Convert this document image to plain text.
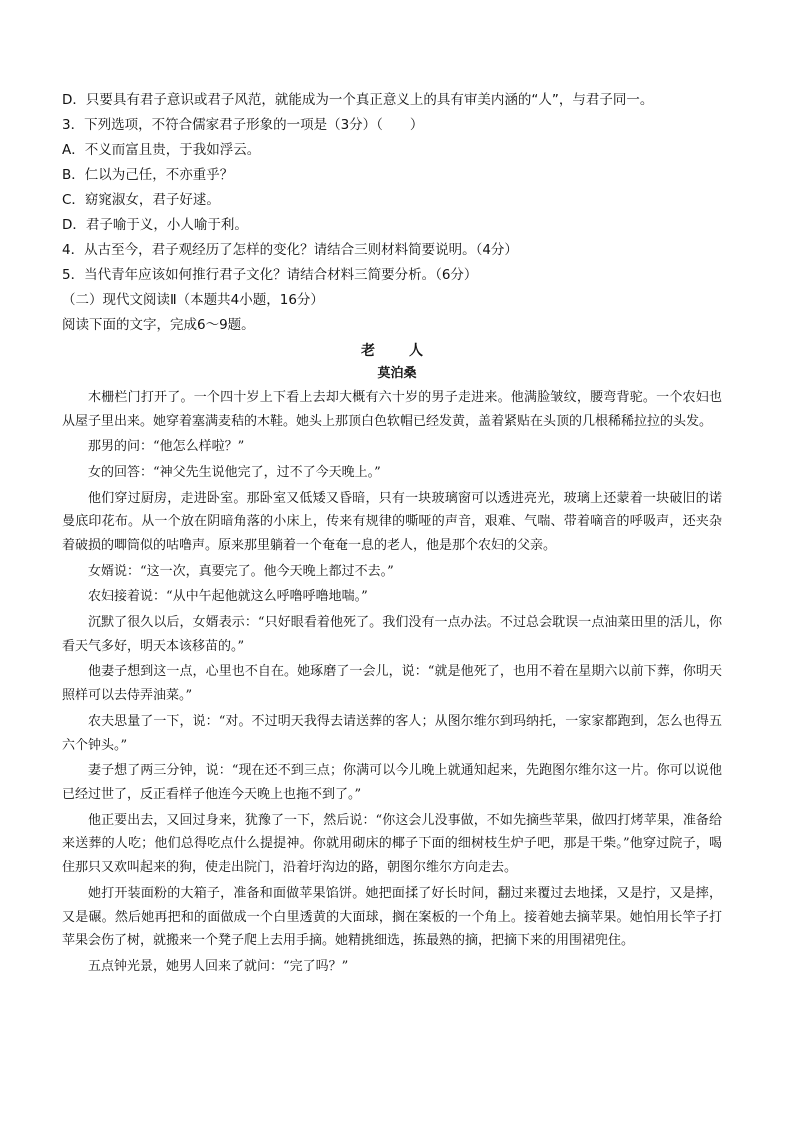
D．只要具有君子意识或君子风范，就能成为一个真正意义上的具有审美内涵的“人”，与君子同一。
3．下列选项，不符合儒家君子形象的一项是（3分）（　　）
A．不义而富且贵，于我如浮云。
B．仁以为己任，不亦重乎？
C．窈窕淑女，君子好逑。
D．君子喻于义，小人喻于利。
4．从古至今，君子观经历了怎样的变化？请结合三则材料简要说明。（4分）
5．当代青年应该如何推行君子文化？请结合材料三简要分析。（6分）
（二）现代文阅读Ⅱ（本题共4小题，16分）
阅读下面的文字，完成6～9题。
老　人
莫泊桑

木栅栏门打开了。一个四十岁上下看上去却大概有六十岁的男子走进来。他满脸皱纹，腰弯背驼。一个农妇也从屋子里出来。她穿着塞满麦秸的木鞋。她头上那顶白色软帽已经发黄，盖着紧贴在头顶的几根稀稀拉拉的头发。

那男的问：“他怎么样啦？”

女的回答：“神父先生说他完了，过不了今天晚上。”

他们穿过厨房，走进卧室。那卧室又低矮又昏暗，只有一块玻璃窗可以透进亮光，玻璃上还蒙着一块破旧的诺曼底印花布。从一个放在阴暗角落的小床上，传来有规律的嘶哑的声音，艰难、气喘、带着嘀音的呼吸声，还夹杂着破损的唧筒似的咕噜声。原来那里躺着一个奄奄一息的老人，他是那个农妇的父亲。

女婿说：“这一次，真要完了。他今天晚上都过不去。”

农妇接着说：“从中午起他就这么呼噜呼噜地喘。”

沉默了很久以后，女婿表示：“只好眼看着他死了。我们没有一点办法。不过总会耽误一点油菜田里的活儿，你看天气多好，明天本该移苗的。”

他妻子想到这一点，心里也不自在。她琢磨了一会儿，说：“就是他死了，也用不着在星期六以前下葬，你明天照样可以去侍弄油菜。”

农夫思量了一下，说：“对。不过明天我得去请送葬的客人；从图尔维尔到玛纳托，一家家都跑到，怎么也得五六个钟头。”

妻子想了两三分钟，说：“现在还不到三点；你满可以今儿晚上就通知起来，先跑图尔维尔这一片。你可以说他已经过世了，反正看样子他连今天晚上也拖不到了。”

他正要出去，又回过身来，犹豫了一下，然后说：“你这会儿没事做，不如先摘些苹果，做四打烤苹果，准备给来送葬的人吃；他们总得吃点什么提提神。你就用砌床的椰子下面的细树枝生炉子吧，那是干柴。”他穿过院子，喝住那只又欢叫起来的狗，使走出院门，沿着圩沟边的路，朝图尔维尔方向走去。

她打开装面粉的大箱子，准备和面做苹果馅饼。她把面揉了好长时间，翻过来覆过去地揉，又是拧，又是摔，又是碾。然后她再把和的面做成一个白里透黄的大面球，搁在案板的一个角上。接着她去摘苹果。她怕用长竿子打苹果会伤了树，就搬来一个凳子爬上去用手摘。她精挑细选，拣最熟的摘，把摘下来的用围裙兜住。

五点钟光景，她男人回来了就问：“完了吗？”
